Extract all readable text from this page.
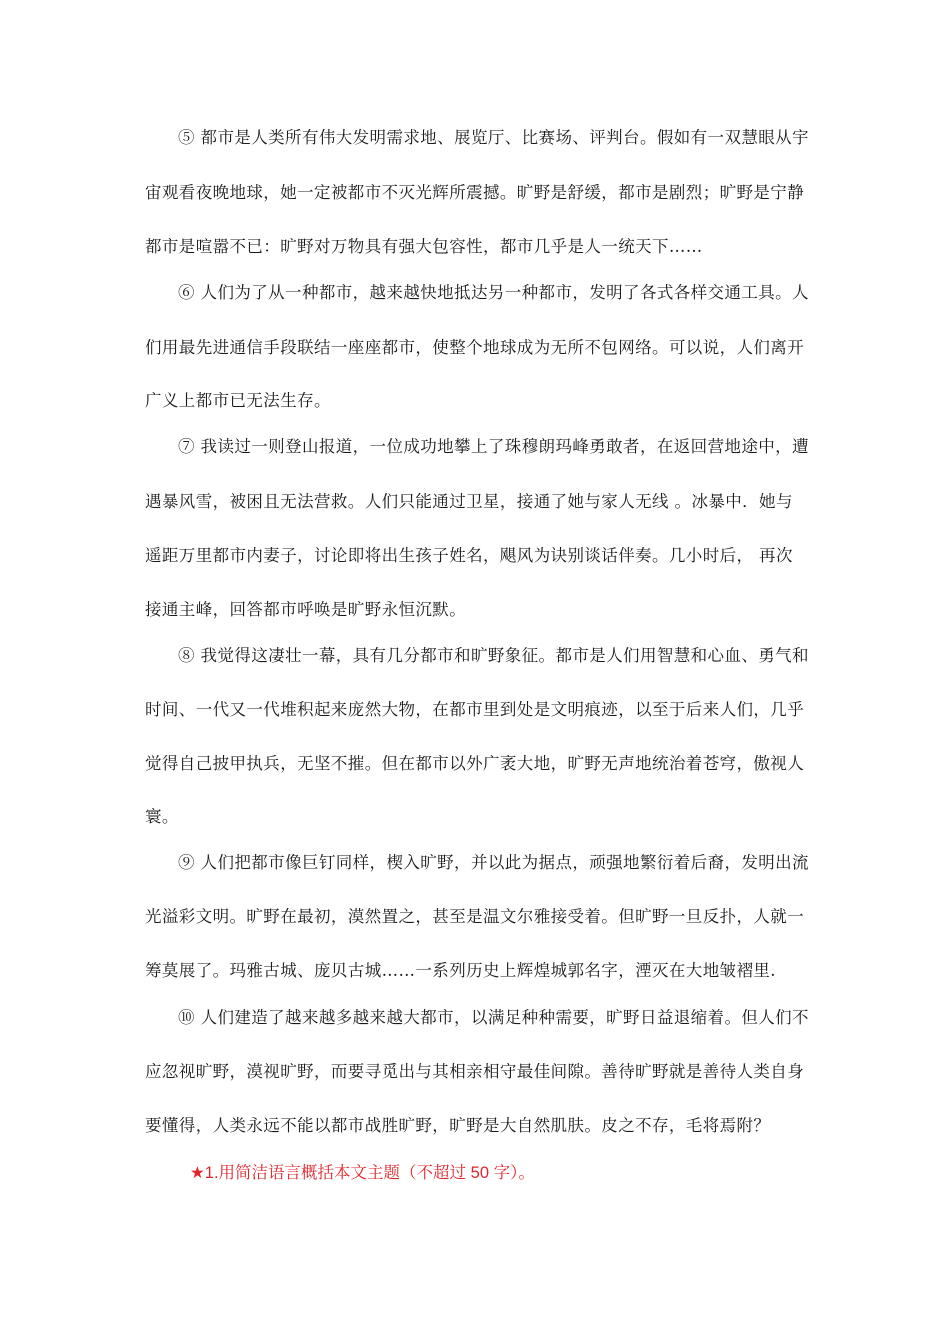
⑤ 都市是人类所有伟大发明需求地、展览厅、比赛场、评判台。假如有一双慧眼从宇
宙观看夜晚地球，她一定被都市不灭光辉所震撼。旷野是舒缓，都市是剧烈；旷野是宁静
都市是喧嚣不已：旷野对万物具有强大包容性，都市几乎是人一统天下……
⑥ 人们为了从一种都市，越来越快地抵达另一种都市，发明了各式各样交通工具。人
们用最先进通信手段联结一座座都市，使整个地球成为无所不包网络。可以说，人们离开
广义上都市已无法生存。
⑦ 我读过一则登山报道，一位成功地攀上了珠穆朗玛峰勇敢者，在返回营地途中，遭
遇暴风雪，被困且无法营救。人们只能通过卫星，接通了她与家人无线 。冰暴中．她与
遥距万里都市内妻子，讨论即将出生孩子姓名，飓风为诀别谈话伴奏。几小时后， 再次
接通主峰，回答都市呼唤是旷野永恒沉默。
⑧ 我觉得这凄壮一幕，具有几分都市和旷野象征。都市是人们用智慧和心血、勇气和
时间、一代又一代堆积起来庞然大物，在都市里到处是文明痕迹，以至于后来人们，几乎
觉得自己披甲执兵，无坚不摧。但在都市以外广袤大地，旷野无声地统治着苍穹，傲视人
寰。
⑨ 人们把都市像巨钉同样，楔入旷野，并以此为据点，顽强地繁衍着后裔，发明出流
光溢彩文明。旷野在最初，漠然置之，甚至是温文尔雅接受着。但旷野一旦反扑，人就一
筹莫展了。玛雅古城、庞贝古城……一系列历史上辉煌城郭名字，湮灭在大地皱褶里.
⑩ 人们建造了越来越多越来越大都市，以满足种种需要，旷野日益退缩着。但人们不
应忽视旷野，漠视旷野，而要寻觅出与其相亲相守最佳间隙。善待旷野就是善待人类自身
要懂得，人类永远不能以都市战胜旷野，旷野是大自然肌肤。皮之不存，毛将焉附？
★1.用简洁语言概括本文主题（不超过 50 字）。
